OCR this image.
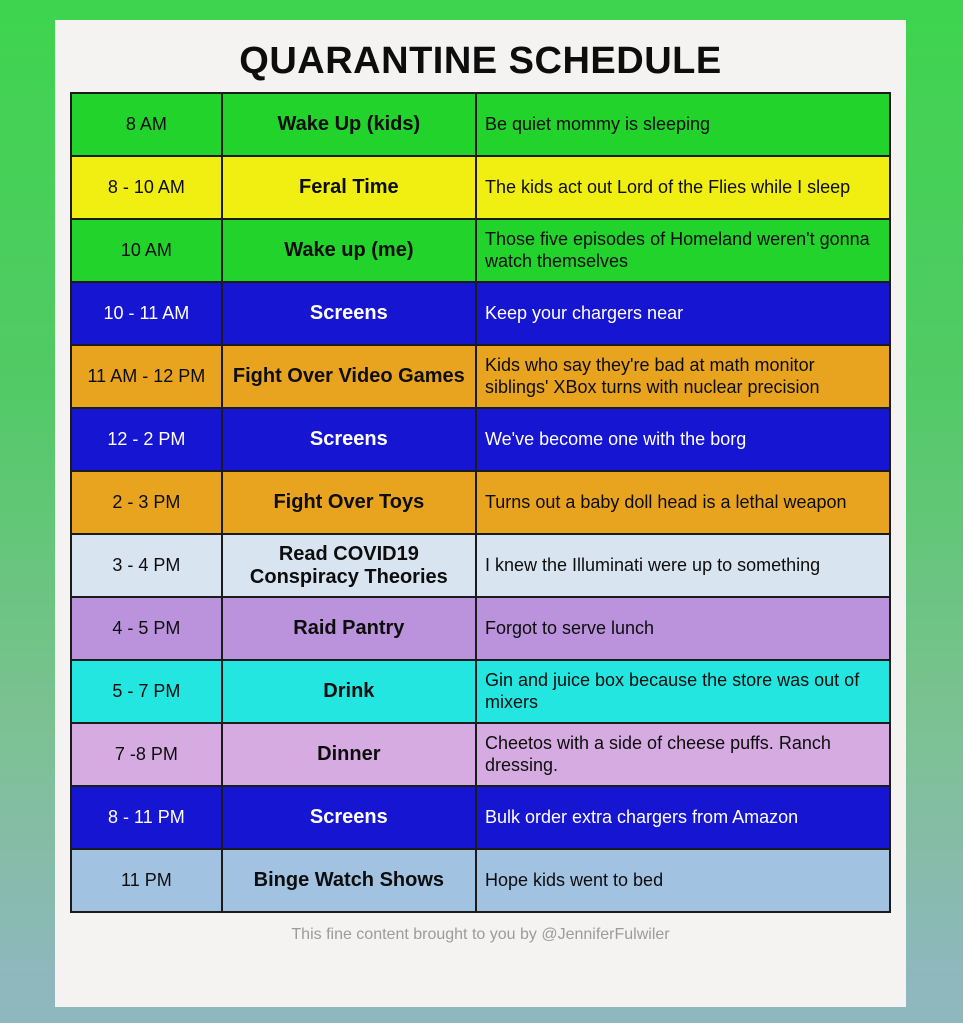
QUARANTINE SCHEDULE
8 AM	Wake Up (kids)	Be quiet mommy is sleeping
8 - 10 AM	Feral Time	The kids act out Lord of the Flies while I sleep
10 AM	Wake up (me)	Those five episodes of Homeland weren't gonna watch themselves
10 - 11 AM	Screens	Keep your chargers near
11 AM - 12 PM	Fight Over Video Games	Kids who say they're bad at math monitor siblings' XBox turns with nuclear precision
12 - 2 PM	Screens	We've become one with the borg
2 - 3 PM	Fight Over Toys	Turns out a baby doll head is a lethal weapon
3 - 4 PM	Read COVID19 Conspiracy Theories	I knew the Illuminati were up to something
4 - 5 PM	Raid Pantry	Forgot to serve lunch
5 - 7 PM	Drink	Gin and juice box because the store was out of mixers
7 -8 PM	Dinner	Cheetos with a side of cheese puffs. Ranch dressing.
8 - 11 PM	Screens	Bulk order extra chargers from Amazon
11 PM	Binge Watch Shows	Hope kids went to bed
This fine content brought to you by @JenniferFulwiler
